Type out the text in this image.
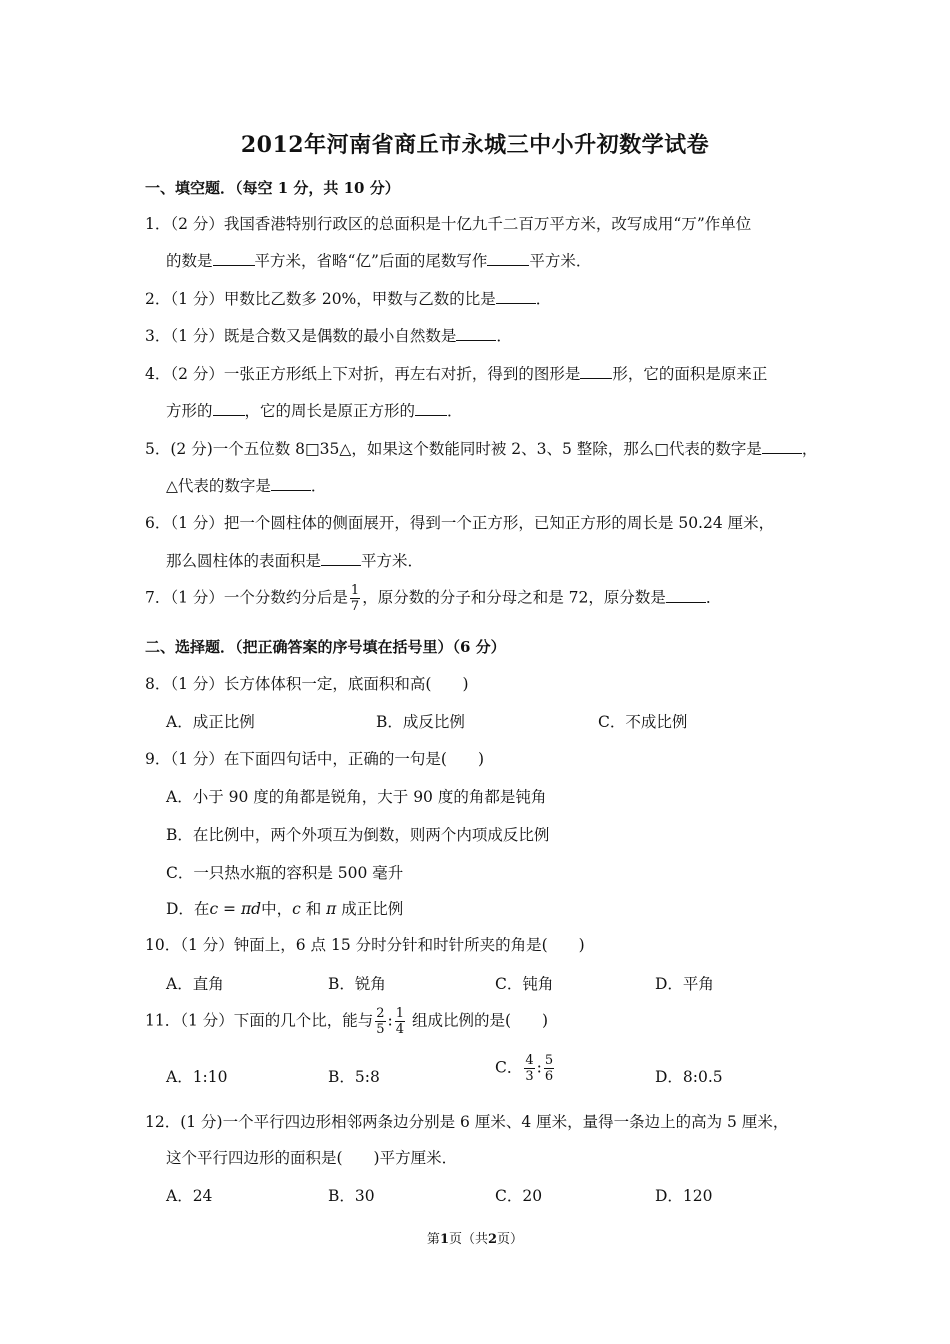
2012年河南省商丘市永城三中小升初数学试卷
一、填空题．（每空 1 分，共 10 分）
1．（2 分）我国香港特别行政区的总面积是十亿九千二百万平方米，改写成用“万”作单位
的数是	平方米，省略“亿”后面的尾数写作	平方米．
2．（1 分）甲数比乙数多 20%，甲数与乙数的比是	．
3．（1 分）既是合数又是偶数的最小自然数是	．
4．（2 分）一张正方形纸上下对折，再左右对折，得到的图形是 形，它的面积是原来正
方形的 ，它的周长是原正方形的 ．
5．(2 分)一个五位数 8□35△，如果这个数能同时被 2、3、5 整除，那么□代表的数字是	，
△代表的数字是	．
6．（1 分）把一个圆柱体的侧面展开，得到一个正方形，已知正方形的周长是 50.24 厘米，
那么圆柱体的表面积是	平方米．
7．（1 分）一个分数约分后是 $\frac{1}{7}$ ，原分数的分子和分母之和是 72，原分数是	．
二、选择题．（把正确答案的序号填在括号里）（6 分）
8．（1 分）长方体体积一定，底面积和高(　　)
A．成正比例	B．成反比例	C．不成比例
9．（1 分）在下面四句话中，正确的一句是(　　)
A．小于 90 度的角都是锐角，大于 90 度的角都是钝角
B．在比例中，两个外项互为倒数，则两个内项成反比例
C．一只热水瓶的容积是 500 毫升
D．在c = πd中，c 和 π 成正比例
10．（1 分）钟面上，6 点 15 分时分针和时针所夹的角是(　　)
A．直角	B．锐角	C．钝角	D．平角
11．（1 分）下面的几个比，能与 $\frac{2}{5}$ : $\frac{1}{4}$ 组成比例的是(　　)
A．1:10	B．5:8
C． $\frac{4}{3}$ : $\frac{5}{6}$	D．8:0.5
12．(1 分)一个平行四边形相邻两条边分别是 6 厘米、4 厘米，量得一条边上的高为 5 厘米，
这个平行四边形的面积是(　　)平方厘米．
A．24	B．30	C．20	D．120
第1页（共2页）
